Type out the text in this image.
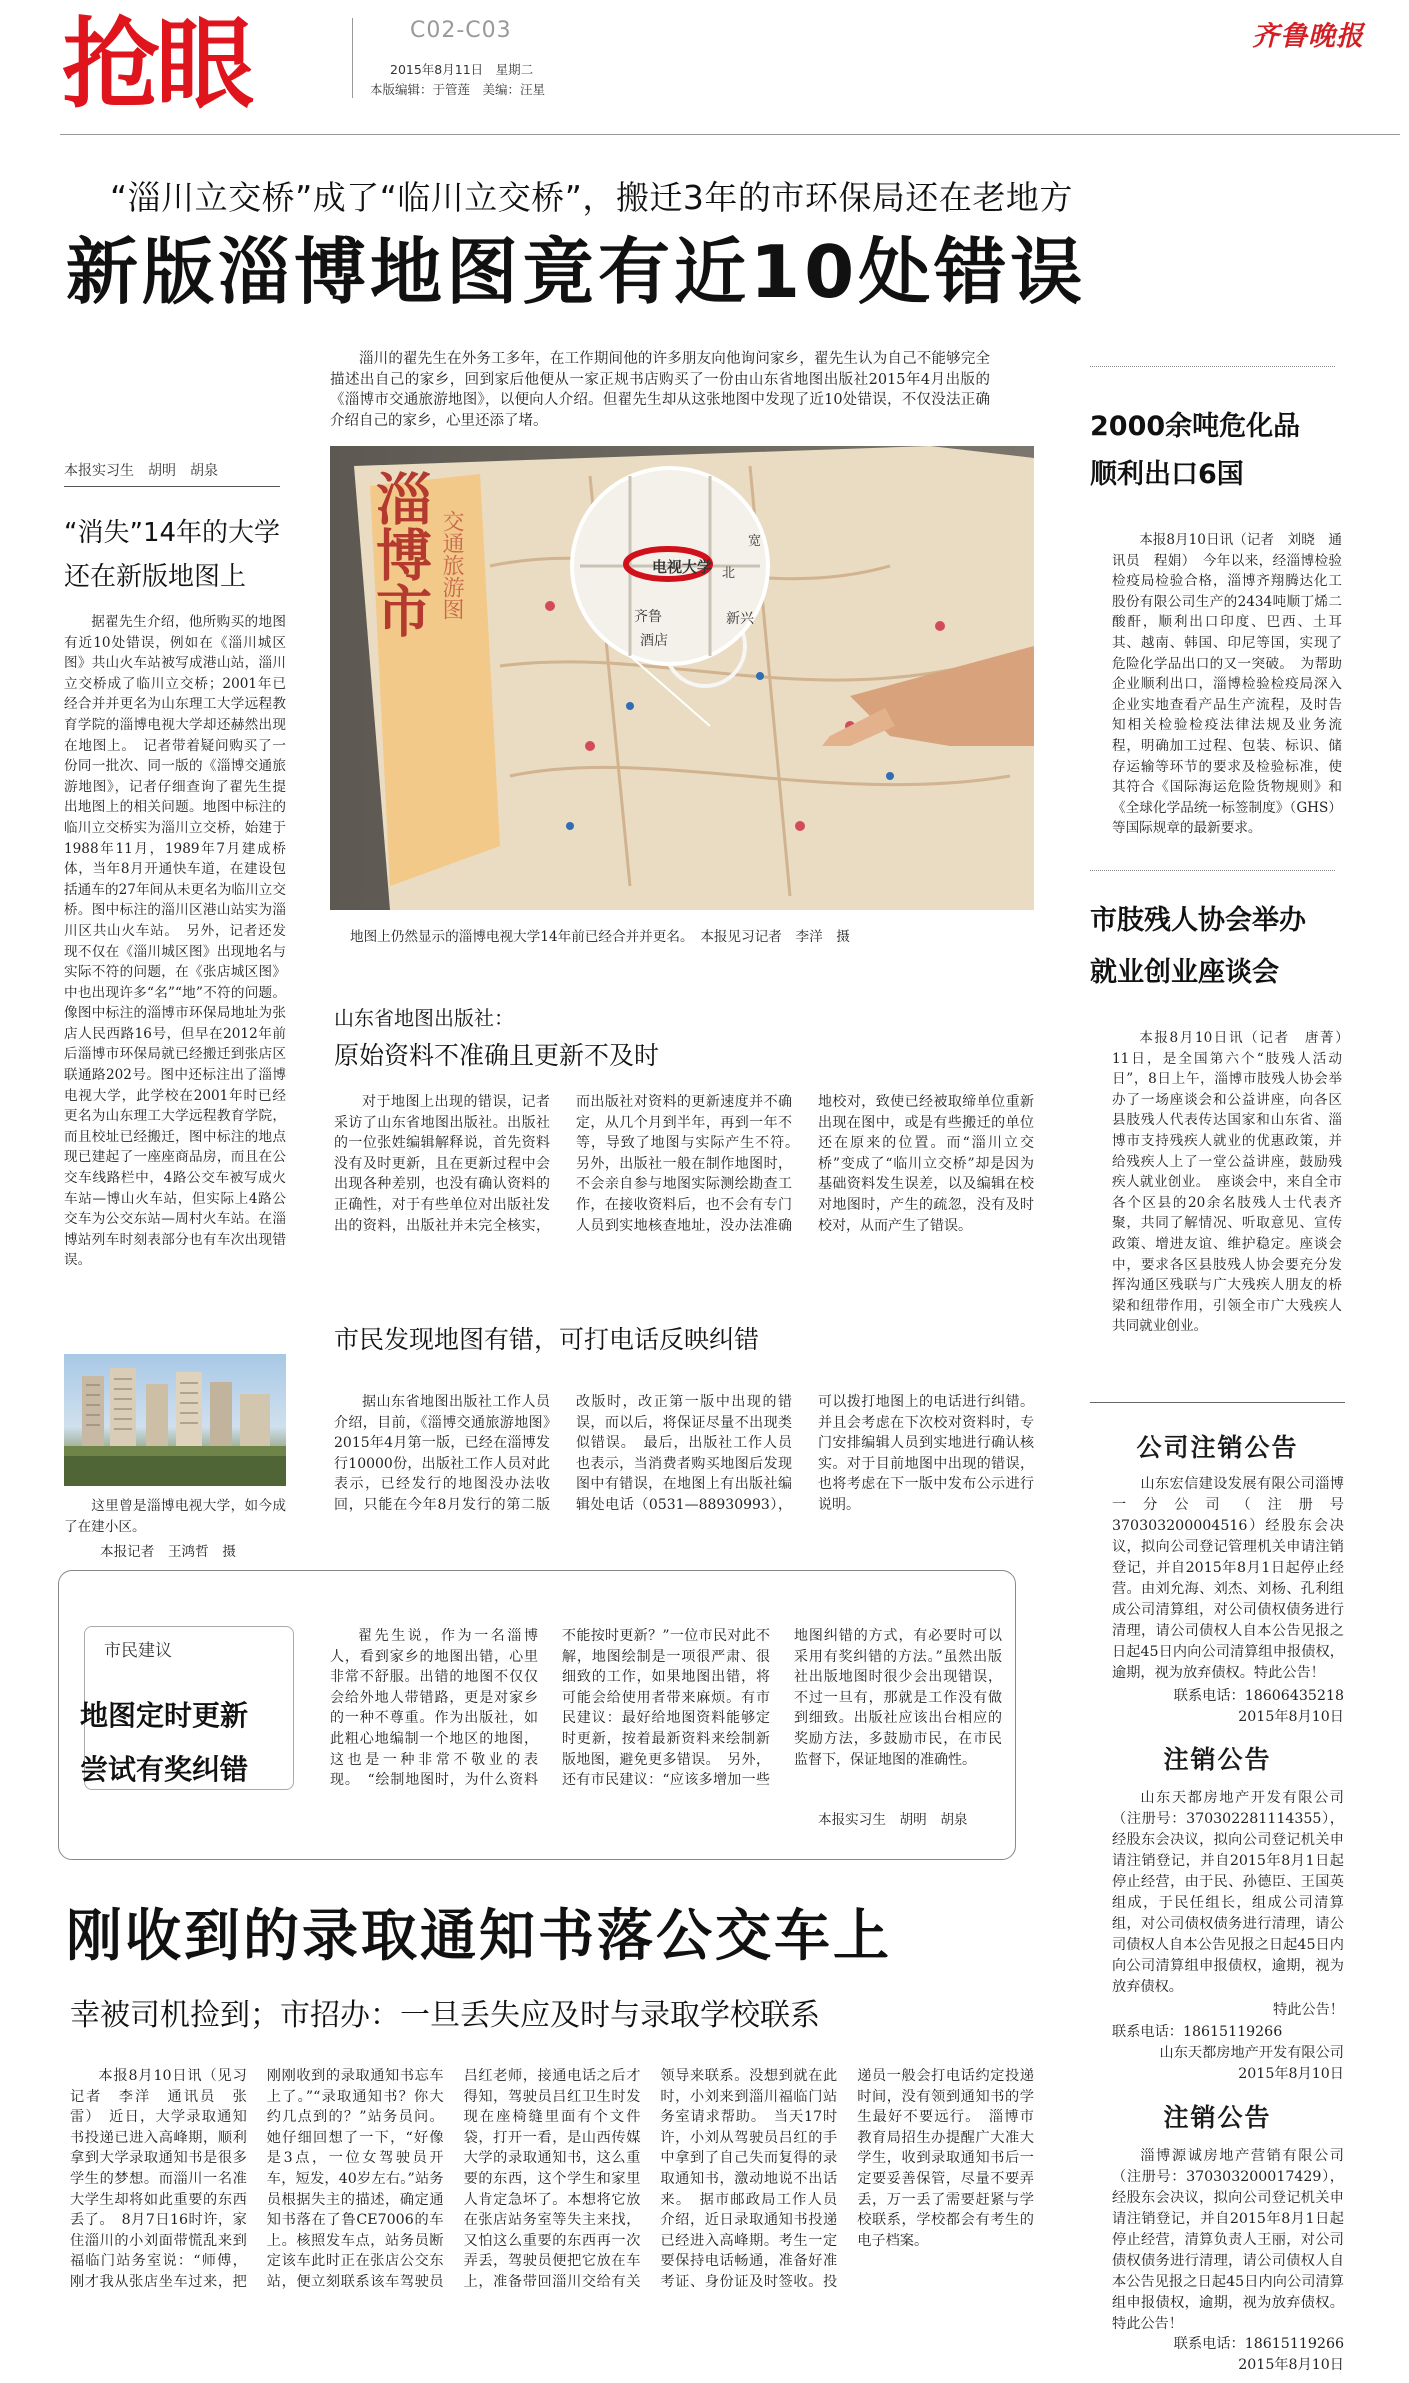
抢眼	C02-C03
2015年8月11日　星期二
本版编辑：于管莲　美编：汪星
齐鲁晚报
“淄川立交桥”成了“临川立交桥”，搬迁3年的市环保局还在老地方
新版淄博地图竟有近10处错误
淄川的翟先生在外务工多年，在工作期间他的许多朋友向他询问家乡，翟先生认为自己不能够完全描述出自己的家乡，回到家后他便从一家正规书店购买了一份由山东省地图出版社2015年4月出版的《淄博市交通旅游地图》，以便向人介绍。但翟先生却从这张地图中发现了近10处错误，不仅没法正确介绍自己的家乡，心里还添了堵。
本报实习生　胡明　胡泉
“消失”14年的大学
还在新版地图上
据翟先生介绍，他所购买的地图有近10处错误，例如在《淄川城区图》共山火车站被写成港山站，淄川立交桥成了临川立交桥；2001年已经合并并更名为山东理工大学远程教育学院的淄博电视大学却还赫然出现在地图上。　记者带着疑问购买了一份同一批次、同一版的《淄博交通旅游地图》，记者仔细查询了翟先生提出地图上的相关问题。地图中标注的临川立交桥实为淄川立交桥，始建于1988年11月，1989年7月建成桥体，当年8月开通快车道，在建设包括通车的27年间从未更名为临川立交桥。图中标注的淄川区港山站实为淄川区共山火车站。　另外，记者还发现不仅在《淄川城区图》出现地名与实际不符的问题，在《张店城区图》中也出现许多“名”“地”不符的问题。像图中标注的淄博市环保局地址为张店人民西路16号，但早在2012年前后淄博市环保局就已经搬迁到张店区联通路202号。图中还标注出了淄博电视大学，此学校在2001年时已经更名为山东理工大学远程教育学院，而且校址已经搬迁，图中标注的地点现已建起了一座座商品房，而且在公交车线路栏中，4路公交车被写成火车站—博山火车站，但实际上4路公交车为公交东站—周村火车站。在淄博站列车时刻表部分也有车次出现错误。
这里曾是淄博电视大学，如今成了在建小区。
本报记者　王鸿哲　摄
淄博市 交通旅游图	电视大学
齐鲁
酒店
新兴
北
宽
地图上仍然显示的淄博电视大学14年前已经合并并更名。　本报见习记者　李洋　摄
山东省地图出版社：
原始资料不准确且更新不及时
对于地图上出现的错误，记者采访了山东省地图出版社。出版社的一位张姓编辑解释说，首先资料没有及时更新，且在更新过程中会出现各种差别，也没有确认资料的正确性，对于有些单位对出版社发出的资料，出版社并未完全核实，而出版社对资料的更新速度并不确定，从几个月到半年，再到一年不等，导致了地图与实际产生不符。　另外，出版社一般在制作地图时，不会亲自参与地图实际测绘勘查工作，在接收资料后，也不会有专门人员到实地核查地址，没办法准确地校对，致使已经被取缔单位重新出现在图中，或是有些搬迁的单位还在原来的位置。而“淄川立交桥”变成了“临川立交桥”却是因为基础资料发生误差，以及编辑在校对地图时，产生的疏忽，没有及时校对，从而产生了错误。
市民发现地图有错，可打电话反映纠错
据山东省地图出版社工作人员介绍，目前，《淄博交通旅游地图》2015年4月第一版，已经在淄博发行10000份，出版社工作人员对此表示，已经发行的地图没办法收回，只能在今年8月发行的第二版改版时，改正第一版中出现的错误，而以后，将保证尽量不出现类似错误。　最后，出版社工作人员也表示，当消费者购买地图后发现图中有错误，在地图上有出版社编辑处电话（0531—88930993），可以拨打地图上的电话进行纠错。并且会考虑在下次校对资料时，专门安排编辑人员到实地进行确认核实。对于目前地图中出现的错误，也将考虑在下一版中发布公示进行说明。
市民建议
地图定时更新
尝试有奖纠错
翟先生说，作为一名淄博人，看到家乡的地图出错，心里非常不舒服。出错的地图不仅仅会给外地人带错路，更是对家乡的一种不尊重。作为出版社，如此粗心地编制一个地区的地图，这也是一种非常不敬业的表现。　“绘制地图时，为什么资料不能按时更新？”一位市民对此不解，地图绘制是一项很严肃、很细致的工作，如果地图出错，将可能会给使用者带来麻烦。有市民建议：最好给地图资料能够定时更新，按着最新资料来绘制新版地图，避免更多错误。　另外，还有市民建议：“应该多增加一些地图纠错的方式，有必要时可以采用有奖纠错的方法。”虽然出版社出版地图时很少会出现错误，不过一旦有，那就是工作没有做到细致。出版社应该出台相应的奖励方法，多鼓励市民，在市民监督下，保证地图的准确性。
本报实习生　胡明　胡泉
刚收到的录取通知书落公交车上
幸被司机捡到；市招办：一旦丢失应及时与录取学校联系
本报8月10日讯（见习记者　李洋　通讯员　张雷）　近日，大学录取通知书投递已进入高峰期，顺利拿到大学录取通知书是很多学生的梦想。而淄川一名准大学生却将如此重要的东西丢了。　8月7日16时许，家住淄川的小刘面带慌乱来到福临门站务室说：“师傅，刚才我从张店坐车过来，把刚刚收到的录取通知书忘车上了。”“录取通知书？你大约几点到的？”站务员问。她仔细回想了一下，“好像是3点，一位女驾驶员开车，短发，40岁左右。”站务员根据失主的描述，确定通知书落在了鲁CE7006的车上。核照发车点，站务员断定该车此时正在张店公交东站，便立刻联系该车驾驶员吕红老师，接通电话之后才得知，驾驶员吕红卫生时发现在座椅缝里面有个文件袋，打开一看，是山西传媒大学的录取通知书，这么重要的东西，这个学生和家里人肯定急坏了。本想将它放在张店站务室等失主来找，又怕这么重要的东西再一次弄丢，驾驶员便把它放在车上，准备带回淄川交给有关领导来联系。没想到就在此时，小刘来到淄川福临门站务室请求帮助。　当天17时许，小刘从驾驶员吕红的手中拿到了自己失而复得的录取通知书，激动地说不出话来。　据市邮政局工作人员介绍，近日录取通知书投递已经进入高峰期。考生一定要保持电话畅通，准备好准考证、身份证及时签收。投递员一般会打电话约定投递时间，没有领到通知书的学生最好不要远行。　淄博市教育局招生办提醒广大准大学生，收到录取通知书后一定要妥善保管，尽量不要弄丢，万一丢了需要赶紧与学校联系，学校都会有考生的电子档案。
2000余吨危化品
顺利出口6国
本报8月10日讯（记者　刘晓　通讯员　程娟）　今年以来，经淄博检验检疫局检验合格，淄博齐翔腾达化工股份有限公司生产的2434吨顺丁烯二酸酐，顺利出口印度、巴西、土耳其、越南、韩国、印尼等国，实现了危险化学品出口的又一突破。　为帮助企业顺利出口，淄博检验检疫局深入企业实地查看产品生产流程，及时告知相关检验检疫法律法规及业务流程，明确加工过程、包装、标识、储存运输等环节的要求及检验标准，使其符合《国际海运危险货物规则》和《全球化学品统一标签制度》（GHS）等国际规章的最新要求。
市肢残人协会举办
就业创业座谈会
本报8月10日讯（记者　唐菁）　11日，是全国第六个“肢残人活动日”，8日上午，淄博市肢残人协会举办了一场座谈会和公益讲座，向各区县肢残人代表传达国家和山东省、淄博市支持残疾人就业的优惠政策，并给残疾人上了一堂公益讲座，鼓励残疾人就业创业。　座谈会中，来自全市各个区县的20余名肢残人士代表齐聚，共同了解情况、听取意见、宣传政策、增进友谊、维护稳定。座谈会中，要求各区县肢残人协会要充分发挥沟通区残联与广大残疾人朋友的桥梁和纽带作用，引领全市广大残疾人共同就业创业。
公司注销公告
山东宏信建设发展有限公司淄博一分公司（注册号370303200004516）经股东会决议，拟向公司登记管理机关申请注销登记，并自2015年8月1日起停止经营。由刘允海、刘杰、刘杨、孔利组成公司清算组，对公司债权债务进行清理，请公司债权人自本公告见报之日起45日内向公司清算组申报债权，逾期，视为放弃债权。特此公告！
联系电话：18606435218
2015年8月10日
注销公告
山东天都房地产开发有限公司（注册号：370302281114355），经股东会决议，拟向公司登记机关申请注销登记，并自2015年8月1日起停止经营，由于民、孙德臣、王国英组成，于民任组长，组成公司清算组，对公司债权债务进行清理，请公司债权人自本公告见报之日起45日内向公司清算组申报债权，逾期，视为放弃债权。
特此公告！
联系电话：18615119266
山东天都房地产开发有限公司
2015年8月10日
注销公告
淄博源诚房地产营销有限公司（注册号：370303200017429），经股东会决议，拟向公司登记机关申请注销登记，并自2015年8月1日起停止经营，清算负责人王丽，对公司债权债务进行清理，请公司债权人自本公告见报之日起45日内向公司清算组申报债权，逾期，视为放弃债权。特此公告！
联系电话：18615119266
2015年8月10日
